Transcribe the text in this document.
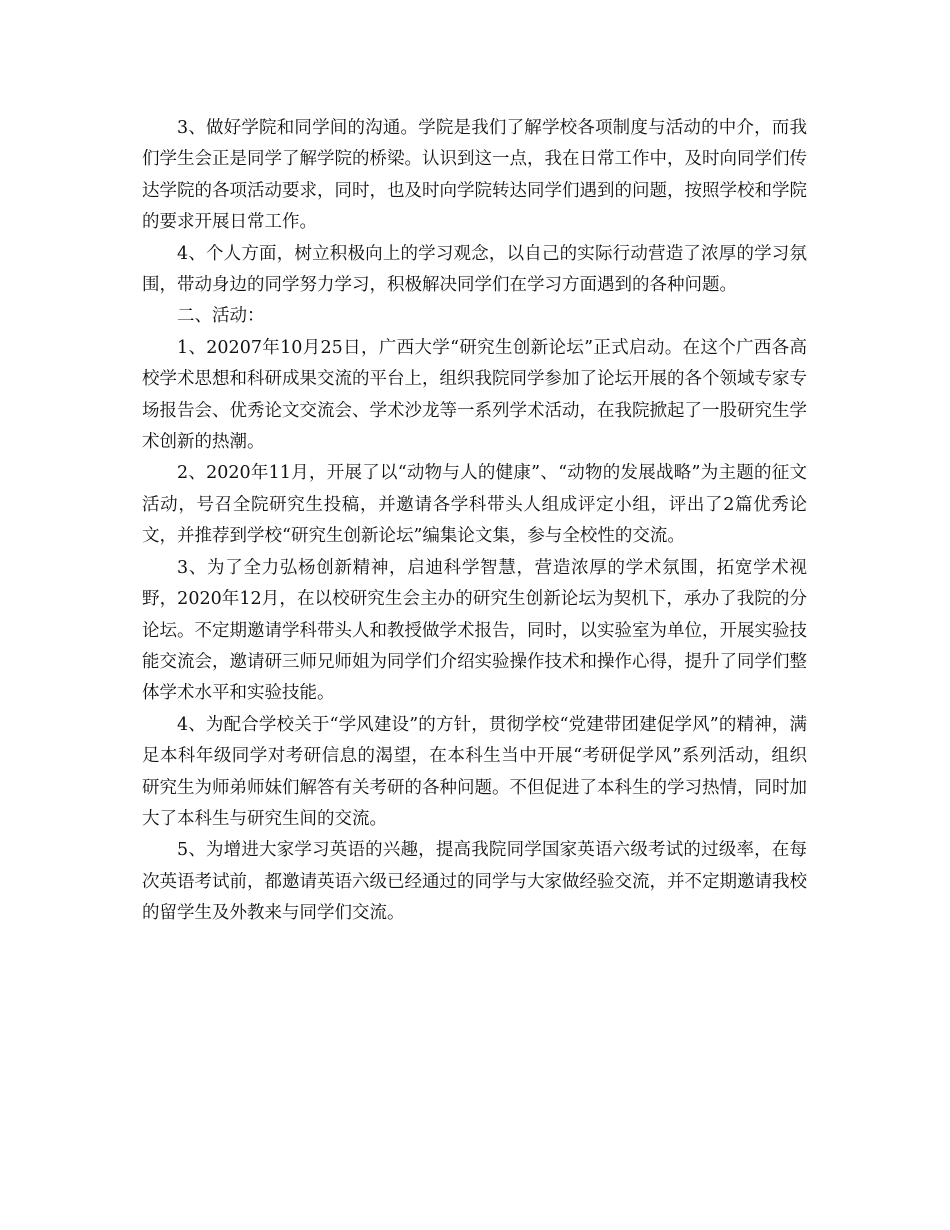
3、做好学院和同学间的沟通。学院是我们了解学校各项制度与活动的中介，而我们学生会正是同学了解学院的桥梁。认识到这一点，我在日常工作中，及时向同学们传达学院的各项活动要求，同时，也及时向学院转达同学们遇到的问题，按照学校和学院的要求开展日常工作。

4、个人方面，树立积极向上的学习观念，以自己的实际行动营造了浓厚的学习氛围，带动身边的同学努力学习，积极解决同学们在学习方面遇到的各种问题。

二、活动：

1、20207年10月25日，广西大学“研究生创新论坛”正式启动。在这个广西各高校学术思想和科研成果交流的平台上，组织我院同学参加了论坛开展的各个领域专家专场报告会、优秀论文交流会、学术沙龙等一系列学术活动，在我院掀起了一股研究生学术创新的热潮。

2、2020年11月，开展了以“动物与人的健康”、“动物的发展战略”为主题的征文活动，号召全院研究生投稿，并邀请各学科带头人组成评定小组，评出了2篇优秀论文，并推荐到学校“研究生创新论坛”编集论文集，参与全校性的交流。

3、为了全力弘杨创新精神，启迪科学智慧，营造浓厚的学术氛围，拓宽学术视野，2020年12月，在以校研究生会主办的研究生创新论坛为契机下，承办了我院的分论坛。不定期邀请学科带头人和教授做学术报告，同时，以实验室为单位，开展实验技能交流会，邀请研三师兄师姐为同学们介绍实验操作技术和操作心得，提升了同学们整体学术水平和实验技能。

4、为配合学校关于“学风建设”的方针，贯彻学校“党建带团建促学风”的精神，满足本科年级同学对考研信息的渴望，在本科生当中开展“考研促学风”系列活动，组织研究生为师弟师妹们解答有关考研的各种问题。不但促进了本科生的学习热情，同时加大了本科生与研究生间的交流。

5、为增进大家学习英语的兴趣，提高我院同学国家英语六级考试的过级率，在每次英语考试前，都邀请英语六级已经通过的同学与大家做经验交流，并不定期邀请我校的留学生及外教来与同学们交流。
